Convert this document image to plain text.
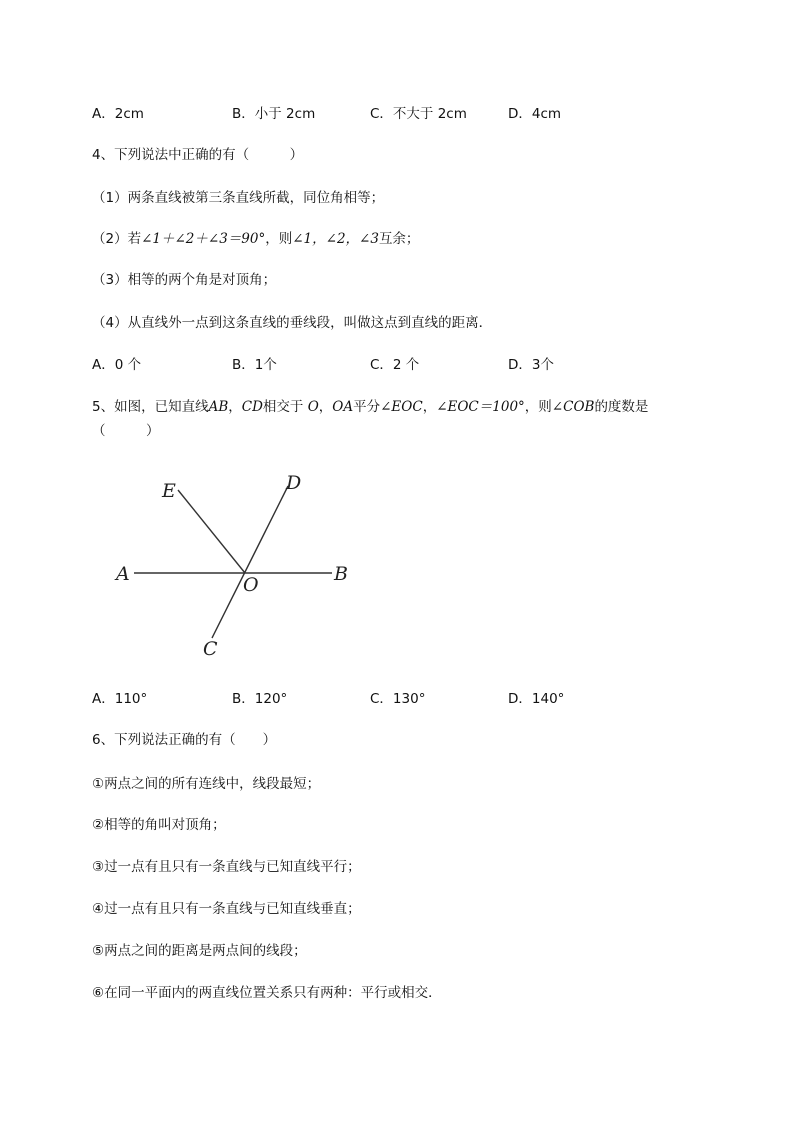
A．2cm	B．小于 2cm	C．不大于 2cm	D．4cm
4、下列说法中正确的有（　　　）
（1）两条直线被第三条直线所截，同位角相等；
（2）若∠1＋∠2＋∠3＝90°，则∠1，∠2，∠3互余；
（3）相等的两个角是对顶角；
（4）从直线外一点到这条直线的垂线段，叫做这点到直线的距离．
A．0 个	B．1个	C．2 个	D．3个
5、如图，已知直线AB，CD相交于 O，OA平分∠EOC，∠EOC＝100°，则∠COB的度数是
（　　　）
A	B
C
D
E
O
A．110°	B．120°	C．130°	D．140°
6、下列说法正确的有（　　）
①两点之间的所有连线中，线段最短；
②相等的角叫对顶角；
③过一点有且只有一条直线与已知直线平行；
④过一点有且只有一条直线与已知直线垂直；
⑤两点之间的距离是两点间的线段；
⑥在同一平面内的两直线位置关系只有两种：平行或相交．
